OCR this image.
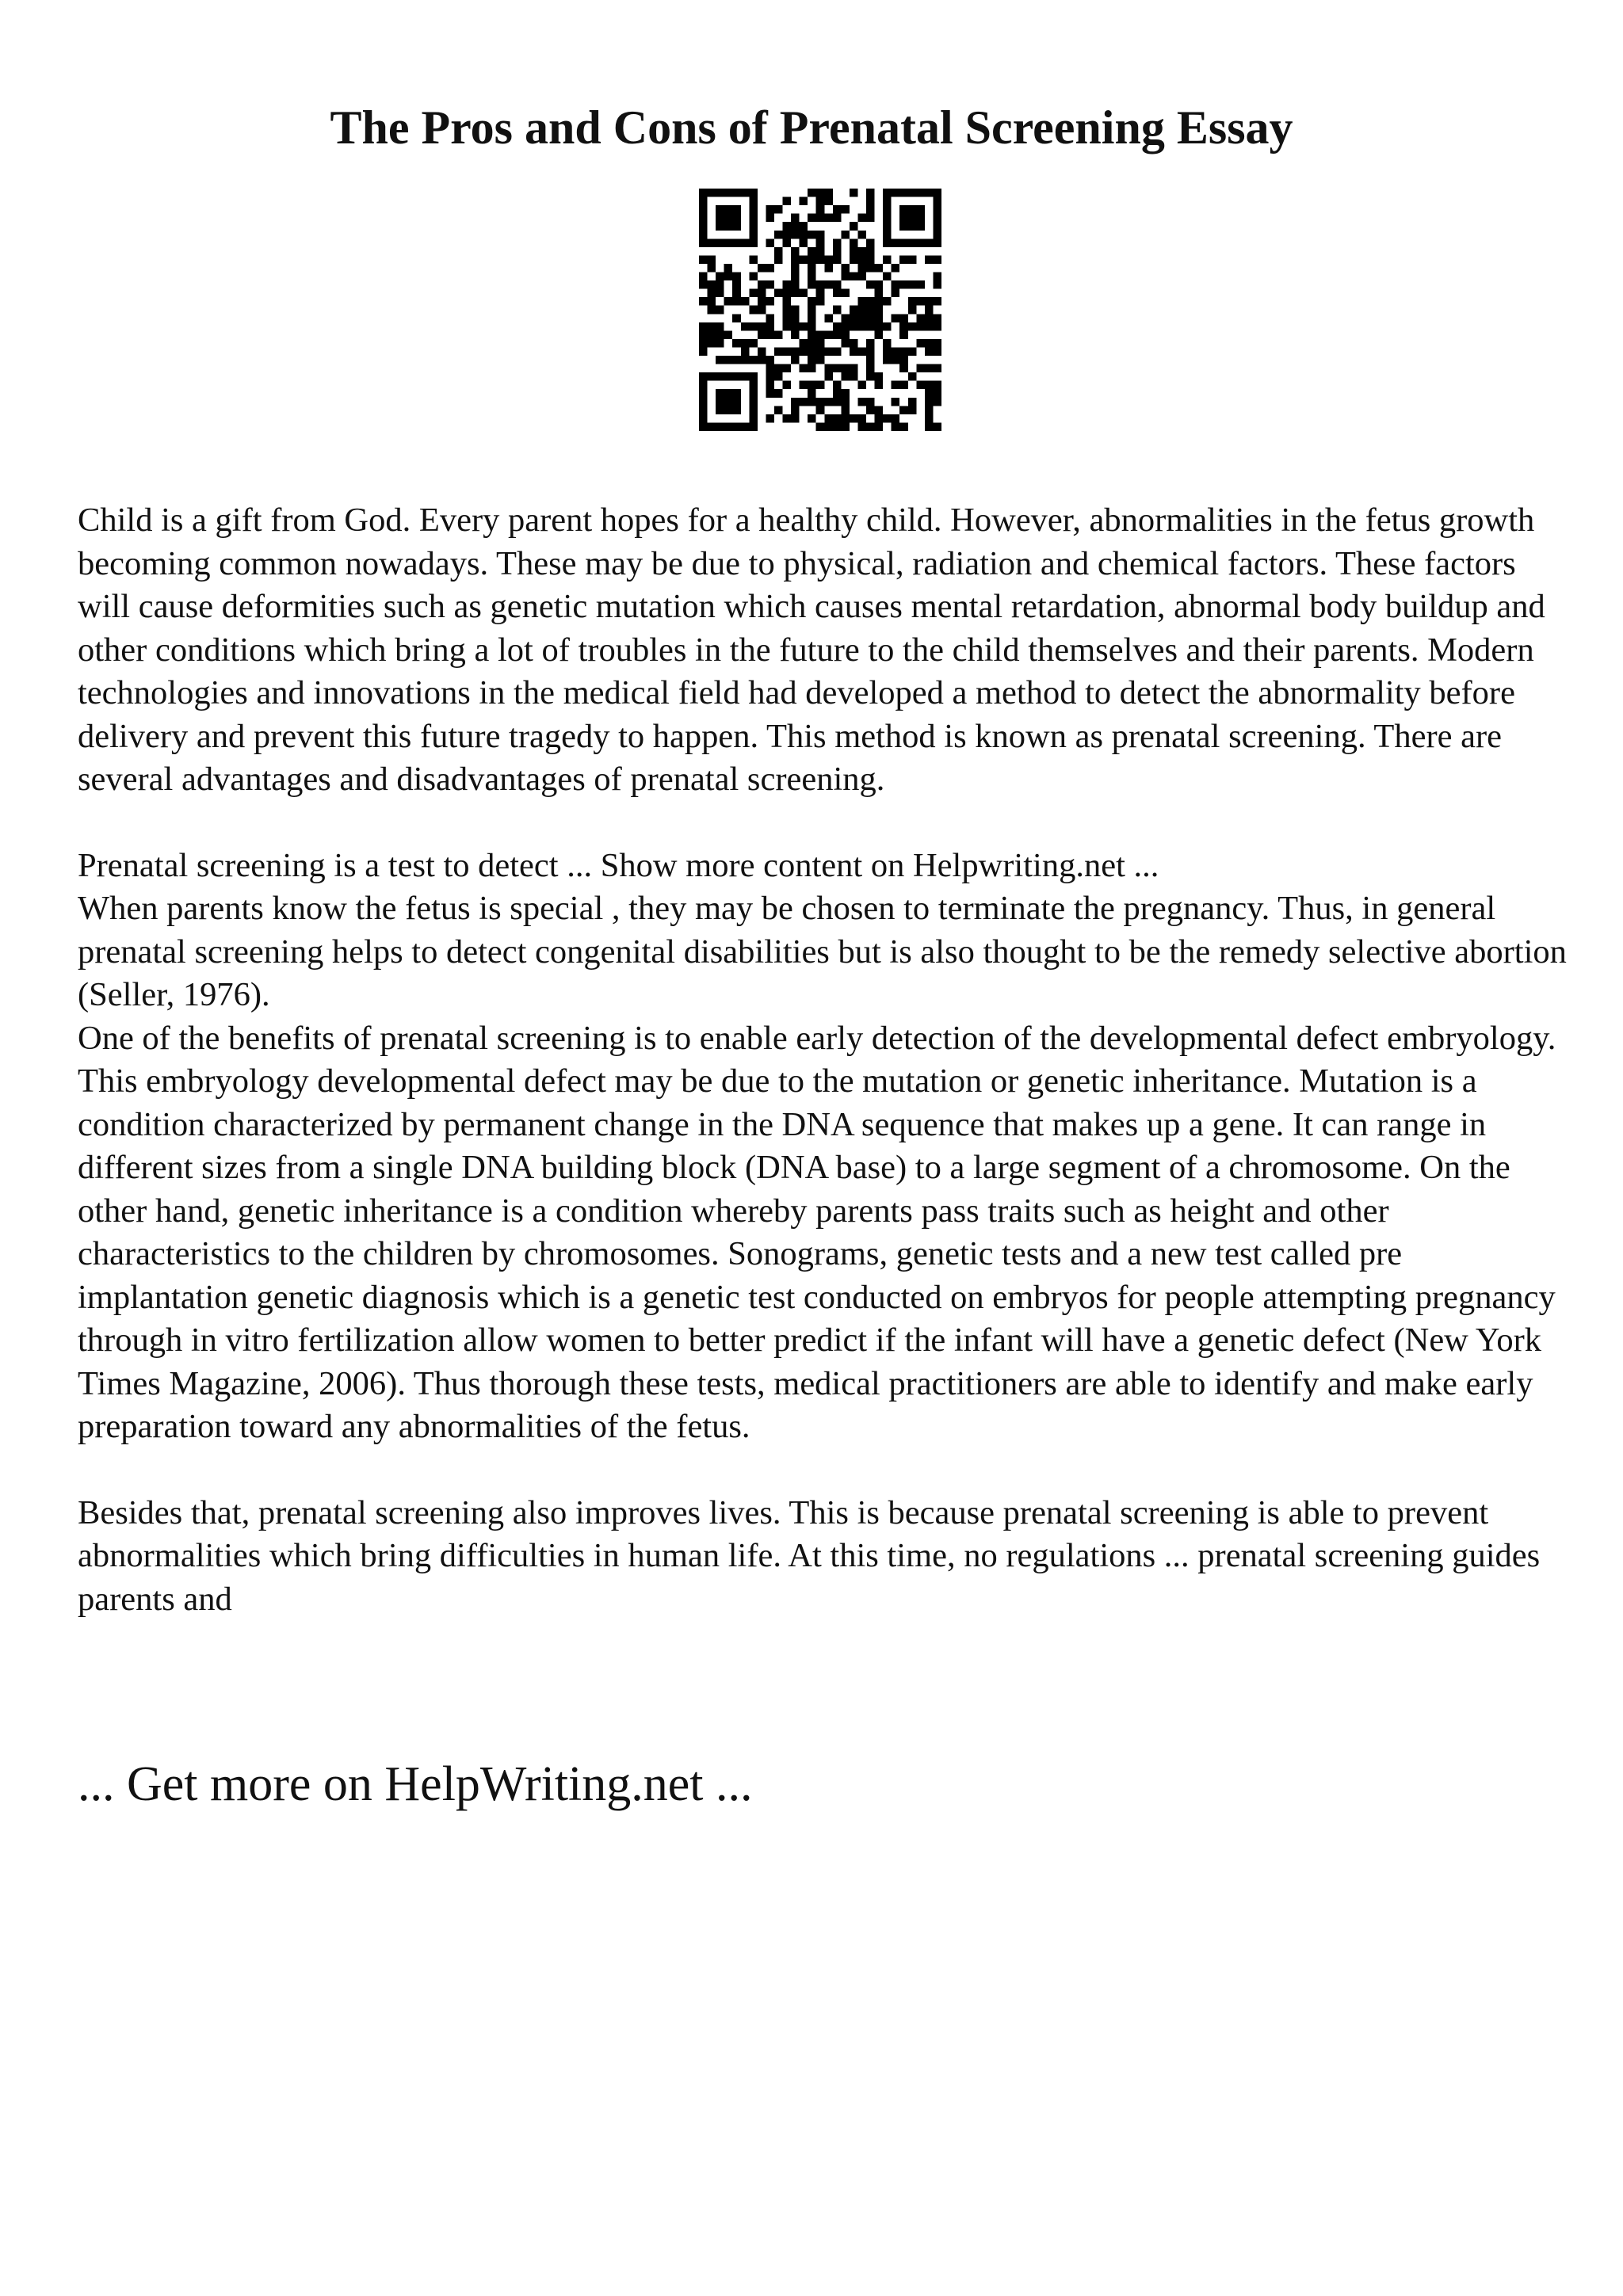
The Pros and Cons of Prenatal Screening Essay

Child is a gift from God. Every parent hopes for a healthy child. However, abnormalities in the fetus growth becoming common nowadays. These may be due to physical, radiation and chemical factors. These factors will cause deformities such as genetic mutation which causes mental retardation, abnormal body buildup and other conditions which bring a lot of troubles in the future to the child themselves and their parents. Modern technologies and innovations in the medical field had developed a method to detect the abnormality before delivery and prevent this future tragedy to happen. This method is known as prenatal screening. There are several advantages and disadvantages of prenatal screening.

Prenatal screening is a test to detect ... Show more content on Helpwriting.net ...

When parents know the fetus is special , they may be chosen to terminate the pregnancy. Thus, in general prenatal screening helps to detect congenital disabilities but is also thought to be the remedy selective abortion (Seller, 1976).

One of the benefits of prenatal screening is to enable early detection of the developmental defect embryology. This embryology developmental defect may be due to the mutation or genetic inheritance. Mutation is a condition characterized by permanent change in the DNA sequence that makes up a gene. It can range in different sizes from a single DNA building block (DNA base) to a large segment of a chromosome. On the other hand, genetic inheritance is a condition whereby parents pass traits such as height and other characteristics to the children by chromosomes. Sonograms, genetic tests and a new test called pre implantation genetic diagnosis which is a genetic test conducted on embryos for people attempting pregnancy through in vitro fertilization allow women to better predict if the infant will have a genetic defect (New York Times Magazine, 2006). Thus thorough these tests, medical practitioners are able to identify and make early preparation toward any abnormalities of the fetus.

Besides that, prenatal screening also improves lives. This is because prenatal screening is able to prevent abnormalities which bring difficulties in human life. At this time, no regulations ... prenatal screening guides parents and

... Get more on HelpWriting.net ...
